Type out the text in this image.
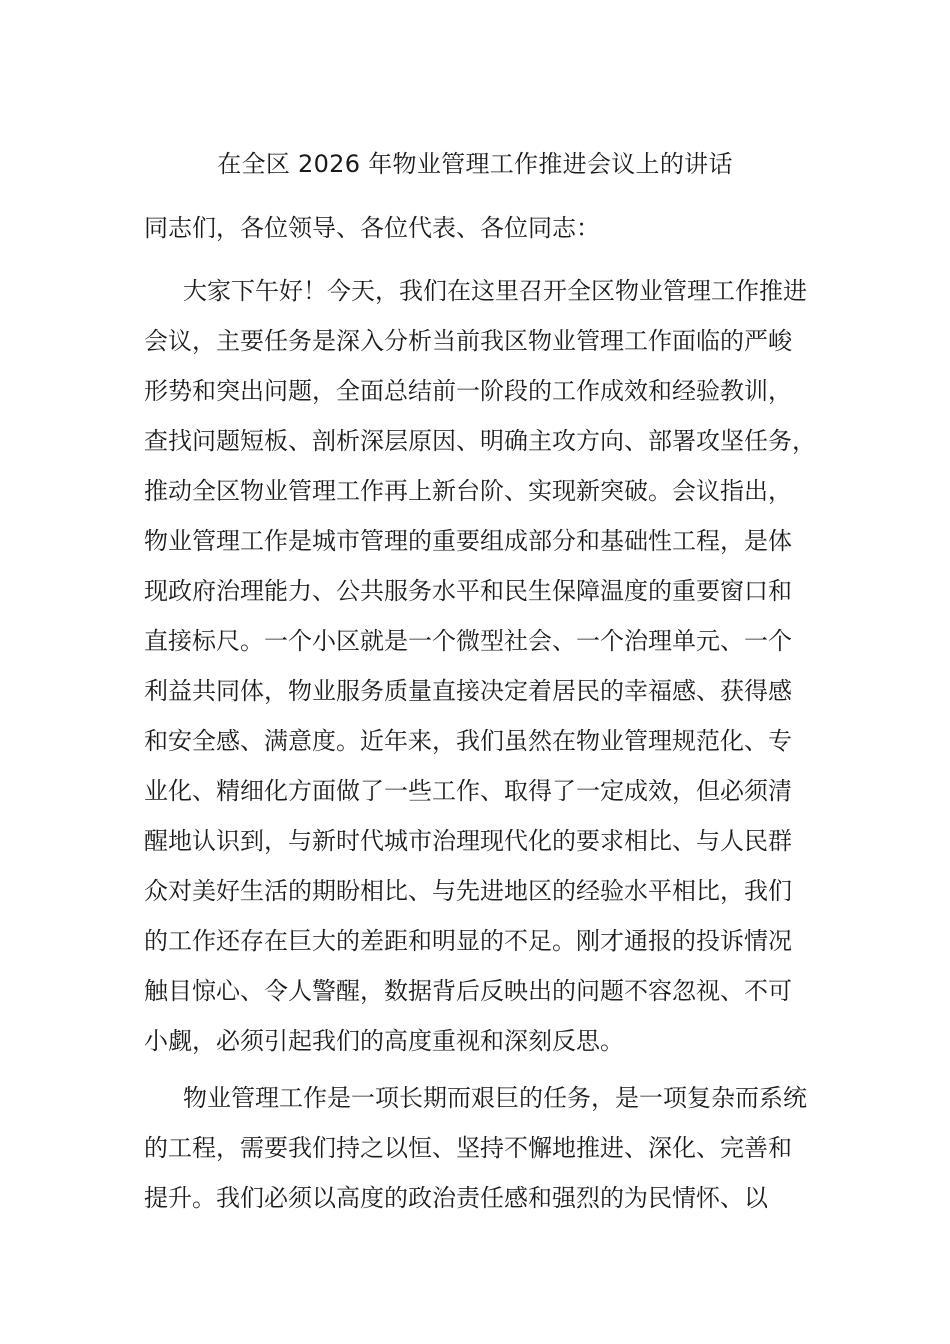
在全区 2026 年物业管理工作推进会议上的讲话
同志们，各位领导、各位代表、各位同志：
大家下午好！今天，我们在这里召开全区物业管理工作推进
会议，主要任务是深入分析当前我区物业管理工作面临的严峻
形势和突出问题，全面总结前一阶段的工作成效和经验教训，
查找问题短板、剖析深层原因、明确主攻方向、部署攻坚任务，
推动全区物业管理工作再上新台阶、实现新突破。会议指出，
物业管理工作是城市管理的重要组成部分和基础性工程，是体
现政府治理能力、公共服务水平和民生保障温度的重要窗口和
直接标尺。一个小区就是一个微型社会、一个治理单元、一个
利益共同体，物业服务质量直接决定着居民的幸福感、获得感
和安全感、满意度。近年来，我们虽然在物业管理规范化、专
业化、精细化方面做了一些工作、取得了一定成效，但必须清
醒地认识到，与新时代城市治理现代化的要求相比、与人民群
众对美好生活的期盼相比、与先进地区的经验水平相比，我们
的工作还存在巨大的差距和明显的不足。刚才通报的投诉情况
触目惊心、令人警醒，数据背后反映出的问题不容忽视、不可
小觑，必须引起我们的高度重视和深刻反思。
物业管理工作是一项长期而艰巨的任务，是一项复杂而系统
的工程，需要我们持之以恒、坚持不懈地推进、深化、完善和
提升。我们必须以高度的政治责任感和强烈的为民情怀、以
